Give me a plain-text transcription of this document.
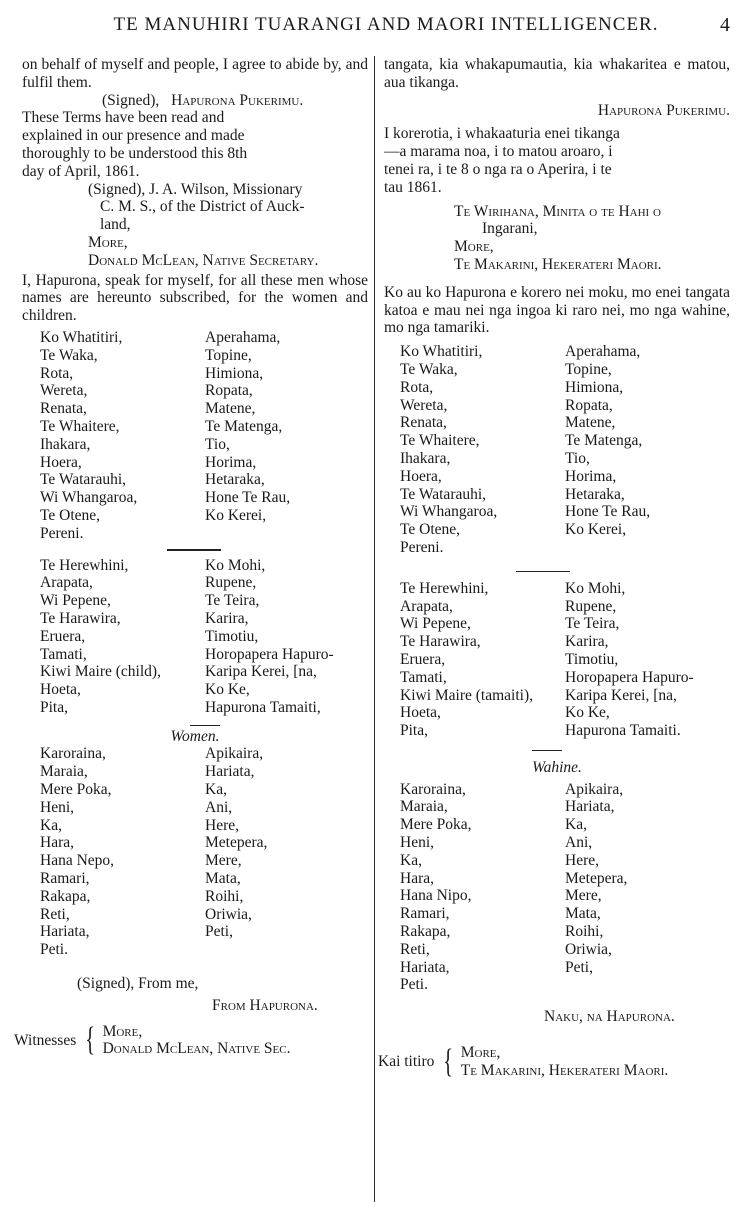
TE MANUHIRI TUARANGI AND MAORI INTELLIGENCER.	4

on behalf of myself and people, I agree to abide by, and fulfil them.

(Signed), Hapurona Pukerimu.

These Terms have been read and explained in our presence and made thoroughly to be understood this 8th day of April, 1861.

(Signed), J. A. Wilson, Missionary

C. M. S., of the District of Auck-

land,

More,

Donald McLean, Native Secretary.

I, Hapurona, speak for myself, for all these men whose names are hereunto subscribed, for the women and children.

Ko Whatitiri,	Aperahama,
Te Waka,	Topine,
Rota,	Himiona,
Wereta,	Ropata,
Renata,	Matene,
Te Whaitere,	Te Matenga,
Ihakara,	Tio,
Hoera,	Horima,
Te Watarauhi,	Hetaraka,
Wi Whangaroa,	Hone Te Rau,
Te Otene,	Ko Kerei,
Pereni.
Te Herewhini,	Ko Mohi,
Arapata,	Rupene,
Wi Pepene,	Te Teira,
Te Harawira,	Karira,
Eruera,	Timotiu,
Tamati,	Horopapera Hapuro-
Kiwi Maire (child),	Karipa Kerei, [na,
Hoeta,	Ko Ke,
Pita,	Hapurona Tamaiti,

Women.

Karoraina,	Apikaira,
Maraia,	Hariata,
Mere Poka,	Ka,
Heni,	Ani,
Ka,	Here,
Hara,	Metepera,
Hana Nepo,	Mere,
Ramari,	Mata,
Rakapa,	Roihi,
Reti,	Oriwia,
Hariata,	Peti,
Peti.

(Signed), From me,

From Hapurona.

Witnesses { More,

Donald McLean, Native Sec.

tangata, kia whakapumautia, kia whakaritea e matou, aua tikanga.

Hapurona Pukerimu.

I korerotia, i whakaaturia enei tikanga—a marama noa, i to matou aroaro, i tenei ra, i te 8 o nga ra o Aperira, i te tau 1861.

Te Wirihana, Minita o te Hahi o

Ingarani,

More,

Te Makarini, Hekerateri Maori.

Ko au ko Hapurona e korero nei moku, mo enei tangata katoa e mau nei nga ingoa ki raro nei, mo nga wahine, mo nga tamariki.

Ko Whatitiri,	Aperahama,
Te Waka,	Topine,
Rota,	Himiona,
Wereta,	Ropata,
Renata,	Matene,
Te Whaitere,	Te Matenga,
Ihakara,	Tio,
Hoera,	Horima,
Te Watarauhi,	Hetaraka,
Wi Whangaroa,	Hone Te Rau,
Te Otene,	Ko Kerei,
Pereni.
Te Herewhini,	Ko Mohi,
Arapata,	Rupene,
Wi Pepene,	Te Teira,
Te Harawira,	Karira,
Eruera,	Timotiu,
Tamati,	Horopapera Hapuro-
Kiwi Maire (tamaiti),	Karipa Kerei, [na,
Hoeta,	Ko Ke,
Pita,	Hapurona Tamaiti.

Wahine.

Karoraina,	Apikaira,
Maraia,	Hariata,
Mere Poka,	Ka,
Heni,	Ani,
Ka,	Here,
Hara,	Metepera,
Hana Nipo,	Mere,
Ramari,	Mata,
Rakapa,	Roihi,
Reti,	Oriwia,
Hariata,	Peti,
Peti.

Naku, na Hapurona.

Kai titiro { More,

Te Makarini, Hekerateri Maori.
